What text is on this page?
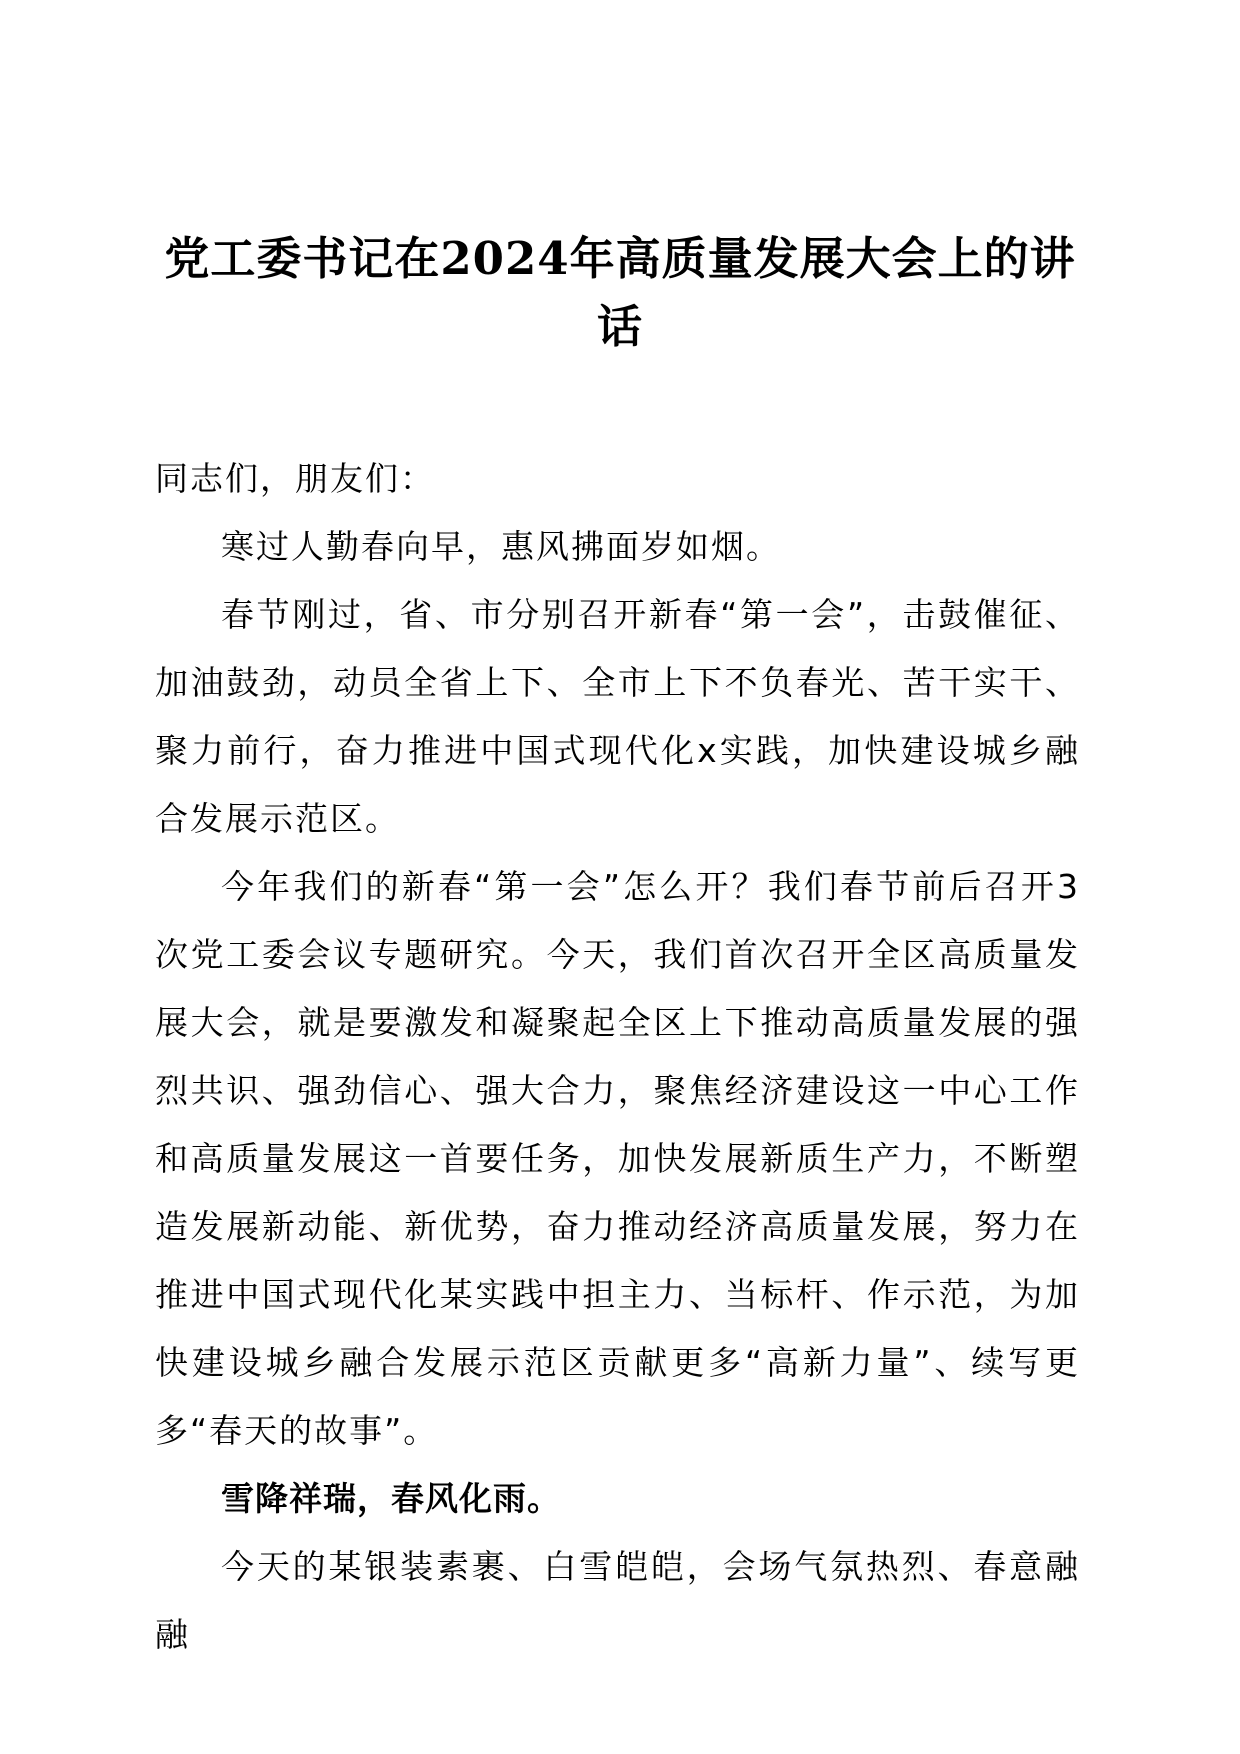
党工委书记在2024年高质量发展大会上的讲话

同志们，朋友们：

寒过人勤春向早，惠风拂面岁如烟。

春节刚过，省、市分别召开新春“第一会”，击鼓催征、加油鼓劲，动员全省上下、全市上下不负春光、苦干实干、聚力前行，奋力推进中国式现代化x实践，加快建设城乡融合发展示范区。

今年我们的新春“第一会”怎么开？我们春节前后召开3次党工委会议专题研究。今天，我们首次召开全区高质量发展大会，就是要激发和凝聚起全区上下推动高质量发展的强烈共识、强劲信心、强大合力，聚焦经济建设这一中心工作和高质量发展这一首要任务，加快发展新质生产力，不断塑造发展新动能、新优势，奋力推动经济高质量发展，努力在推进中国式现代化某实践中担主力、当标杆、作示范，为加快建设城乡融合发展示范区贡献更多“高新力量”、续写更多“春天的故事”。

雪降祥瑞，春风化雨。

今天的某银装素裹、白雪皑皑，会场气氛热烈、春意融融
